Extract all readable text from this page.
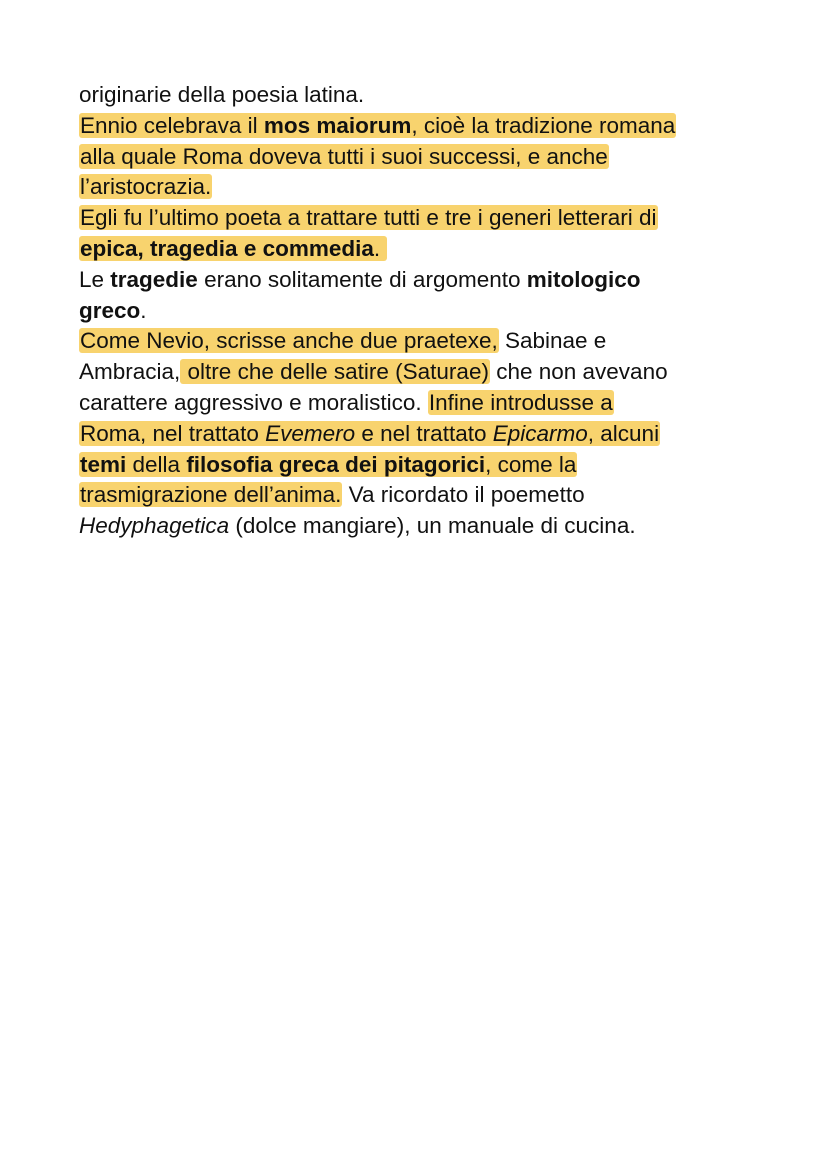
originarie della poesia latina.
Ennio celebrava il mos maiorum, cioè la tradizione romana
alla quale Roma doveva tutti i suoi successi, e anche
l’aristocrazia.
Egli fu l’ultimo poeta a trattare tutti e tre i generi letterari di
epica, tragedia e commedia.
Le tragedie erano solitamente di argomento mitologico
greco.
Come Nevio, scrisse anche due praetexe, Sabinae e
Ambracia, oltre che delle satire (Saturae) che non avevano
carattere aggressivo e moralistico. Infine introdusse a
Roma, nel trattato Evemero e nel trattato Epicarmo, alcuni
temi della filosofia greca dei pitagorici, come la
trasmigrazione dell’anima. Va ricordato il poemetto
Hedyphagetica (dolce mangiare), un manuale di cucina.
